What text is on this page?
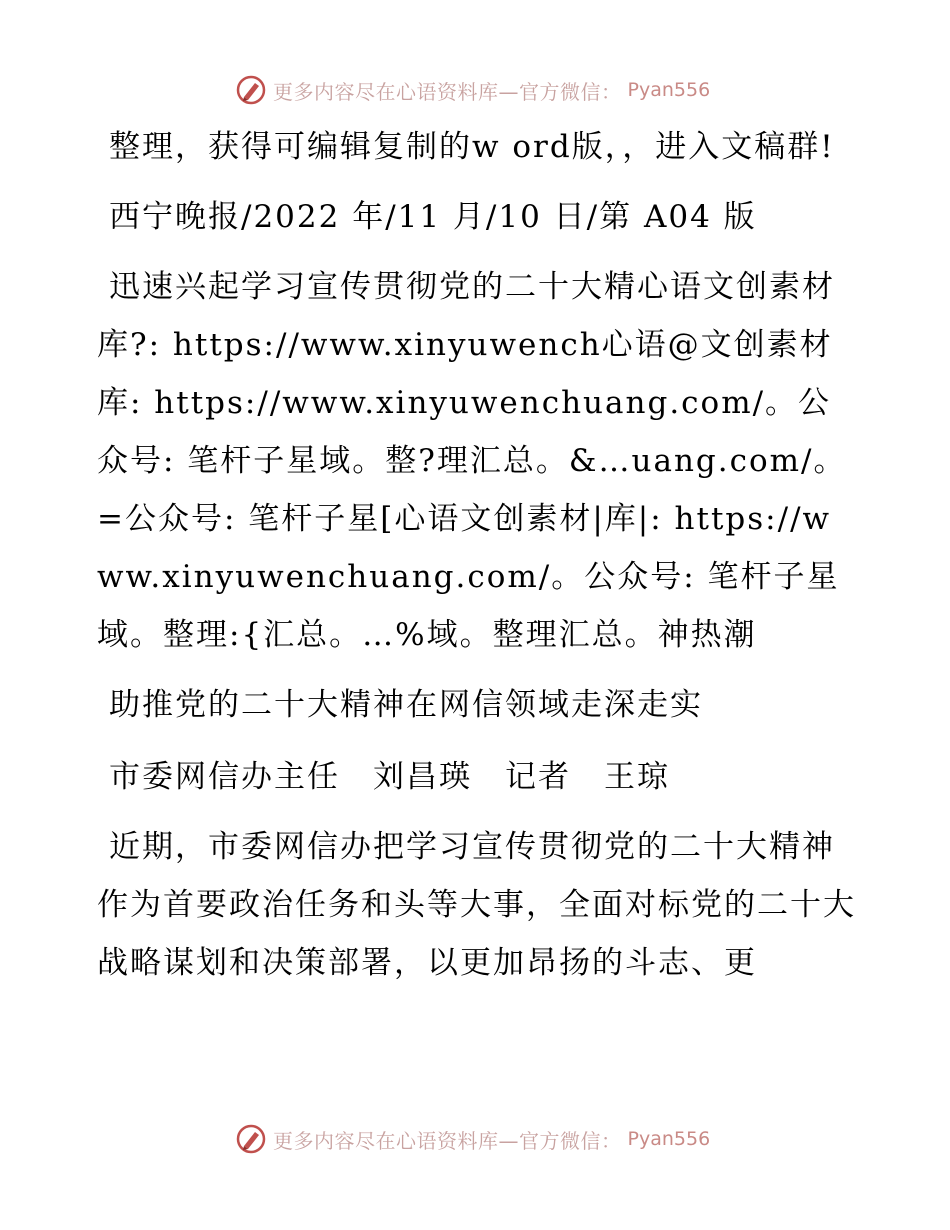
更多内容尽在心语资料库—官方微信： Pyan556

整理，获得可编辑复制的w ord版，，进入文稿群!

西宁晚报/2022 年/11 月/10 日/第 A04 版

迅速兴起学习宣传贯彻党的二十大精心语文创素材库?: https://www.xinyuwench心语@文创素材库: https://www.xinyuwenchuang.com/。公众号: 笔杆子星域。整?理汇总。&…uang.com/。=公众号: 笔杆子星[心语文创素材|库|: https://www.xinyuwenchuang.com/。公众号: 笔杆子星域。整理:{汇总。…%域。整理汇总。神热潮

助推党的二十大精神在网信领域走深走实

市委网信办主任　刘昌瑛　记者　王琼

近期，市委网信办把学习宣传贯彻党的二十大精神作为首要政治任务和头等大事，全面对标党的二十大战略谋划和决策部署，以更加昂扬的斗志、更

更多内容尽在心语资料库—官方微信： Pyan556
